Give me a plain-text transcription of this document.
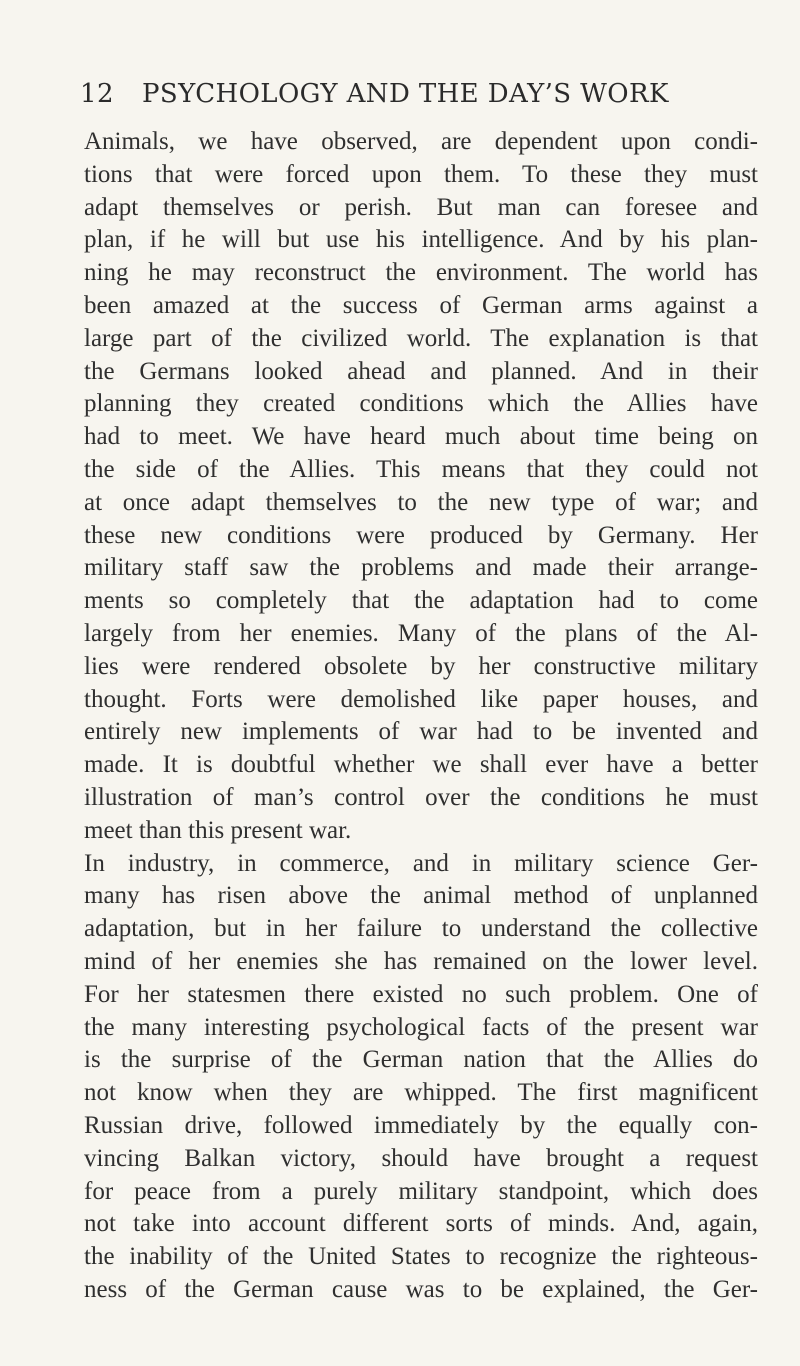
12 PSYCHOLOGY AND THE DAY’S WORK
Animals, we have observed, are dependent upon condi-
tions that were forced upon them. To these they must
adapt themselves or perish. But man can foresee and
plan, if he will but use his intelligence. And by his plan-
ning he may reconstruct the environment. The world has
been amazed at the success of German arms against a
large part of the civilized world. The explanation is that
the Germans looked ahead and planned. And in their
planning they created conditions which the Allies have
had to meet. We have heard much about time being on
the side of the Allies. This means that they could not
at once adapt themselves to the new type of war; and
these new conditions were produced by Germany. Her
military staff saw the problems and made their arrange-
ments so completely that the adaptation had to come
largely from her enemies. Many of the plans of the Al-
lies were rendered obsolete by her constructive military
thought. Forts were demolished like paper houses, and
entirely new implements of war had to be invented and
made. It is doubtful whether we shall ever have a better
illustration of man’s control over the conditions he must
meet than this present war.
In industry, in commerce, and in military science Ger-
many has risen above the animal method of unplanned
adaptation, but in her failure to understand the collective
mind of her enemies she has remained on the lower level.
For her statesmen there existed no such problem. One of
the many interesting psychological facts of the present war
is the surprise of the German nation that the Allies do
not know when they are whipped. The first magnificent
Russian drive, followed immediately by the equally con-
vincing Balkan victory, should have brought a request
for peace from a purely military standpoint, which does
not take into account different sorts of minds. And, again,
the inability of the United States to recognize the righteous-
ness of the German cause was to be explained, the Ger-
